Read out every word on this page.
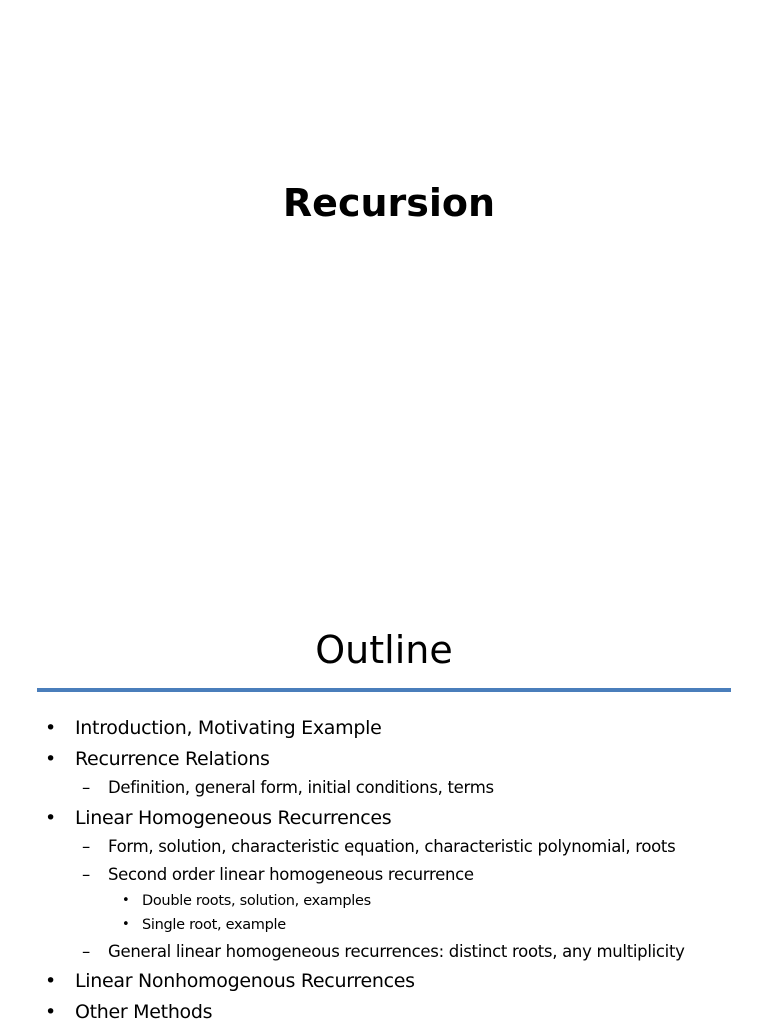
Recursion
Outline
• Introduction, Motivating Example
• Recurrence Relations
– Definition, general form, initial conditions, terms
• Linear Homogeneous Recurrences
– Form, solution, characteristic equation, characteristic polynomial, roots
– Second order linear homogeneous recurrence
• Double roots, solution, examples
• Single root, example
– General linear homogeneous recurrences: distinct roots, any multiplicity
• Linear Nonhomogenous Recurrences
• Other Methods
